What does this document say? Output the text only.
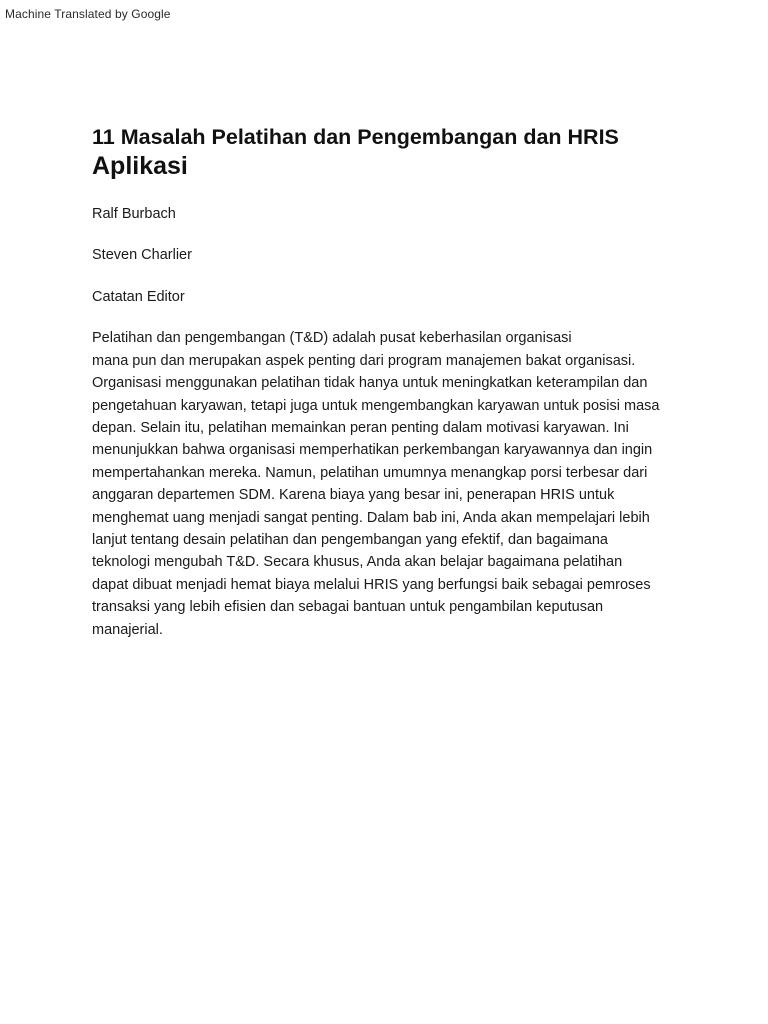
Machine Translated by Google
11 Masalah Pelatihan dan Pengembangan dan HRIS
Aplikasi

Ralf Burbach

Steven Charlier

Catatan Editor

Pelatihan dan pengembangan (T&D) adalah pusat keberhasilan organisasi
mana pun dan merupakan aspek penting dari program manajemen bakat organisasi.
Organisasi menggunakan pelatihan tidak hanya untuk meningkatkan keterampilan dan
pengetahuan karyawan, tetapi juga untuk mengembangkan karyawan untuk posisi masa
depan. Selain itu, pelatihan memainkan peran penting dalam motivasi karyawan. Ini
menunjukkan bahwa organisasi memperhatikan perkembangan karyawannya dan ingin
mempertahankan mereka. Namun, pelatihan umumnya menangkap porsi terbesar dari
anggaran departemen SDM. Karena biaya yang besar ini, penerapan HRIS untuk
menghemat uang menjadi sangat penting. Dalam bab ini, Anda akan mempelajari lebih
lanjut tentang desain pelatihan dan pengembangan yang efektif, dan bagaimana
teknologi mengubah T&D. Secara khusus, Anda akan belajar bagaimana pelatihan
dapat dibuat menjadi hemat biaya melalui HRIS yang berfungsi baik sebagai pemroses
transaksi yang lebih efisien dan sebagai bantuan untuk pengambilan keputusan
manajerial.
